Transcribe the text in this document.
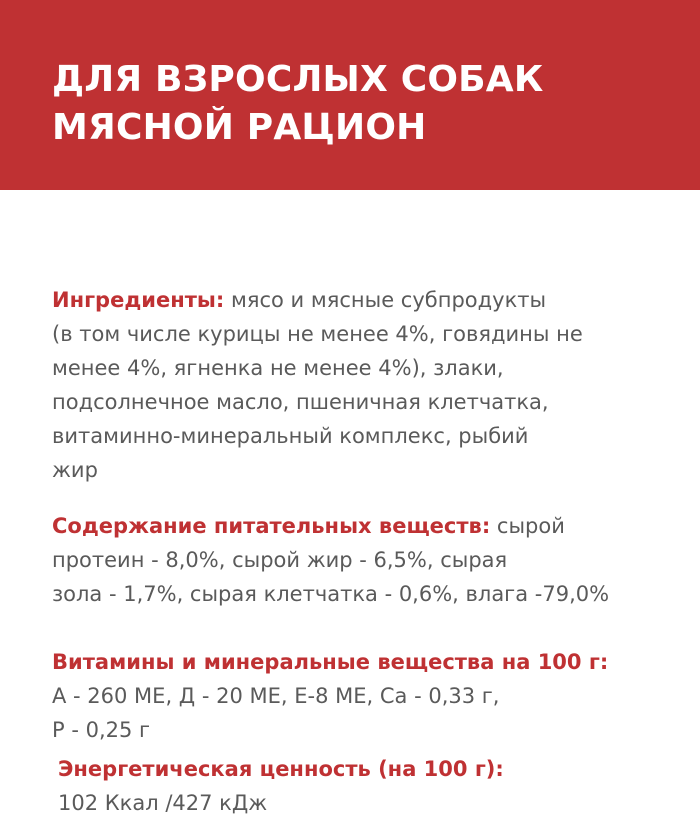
ДЛЯ ВЗРОСЛЫХ СОБАК
МЯСНОЙ РАЦИОН
Ингредиенты: мясо и мясные субпродукты
(в том числе курицы не менее 4%, говядины не
менее 4%, ягненка не менее 4%), злаки,
подсолнечное масло, пшеничная клетчатка,
витаминно-минеральный комплекс, рыбий
жир
Содержание питательных веществ: сырой
протеин - 8,0%, сырой жир - 6,5%, сырая
зола - 1,7%, сырая клетчатка - 0,6%, влага -79,0%
Витамины и минеральные вещества на 100 г:
А - 260 МЕ, Д - 20 МЕ, Е-8 МЕ, Са - 0,33 г,
Р - 0,25 г
Энергетическая ценность (на 100 г):
102 Ккал /427 кДж
